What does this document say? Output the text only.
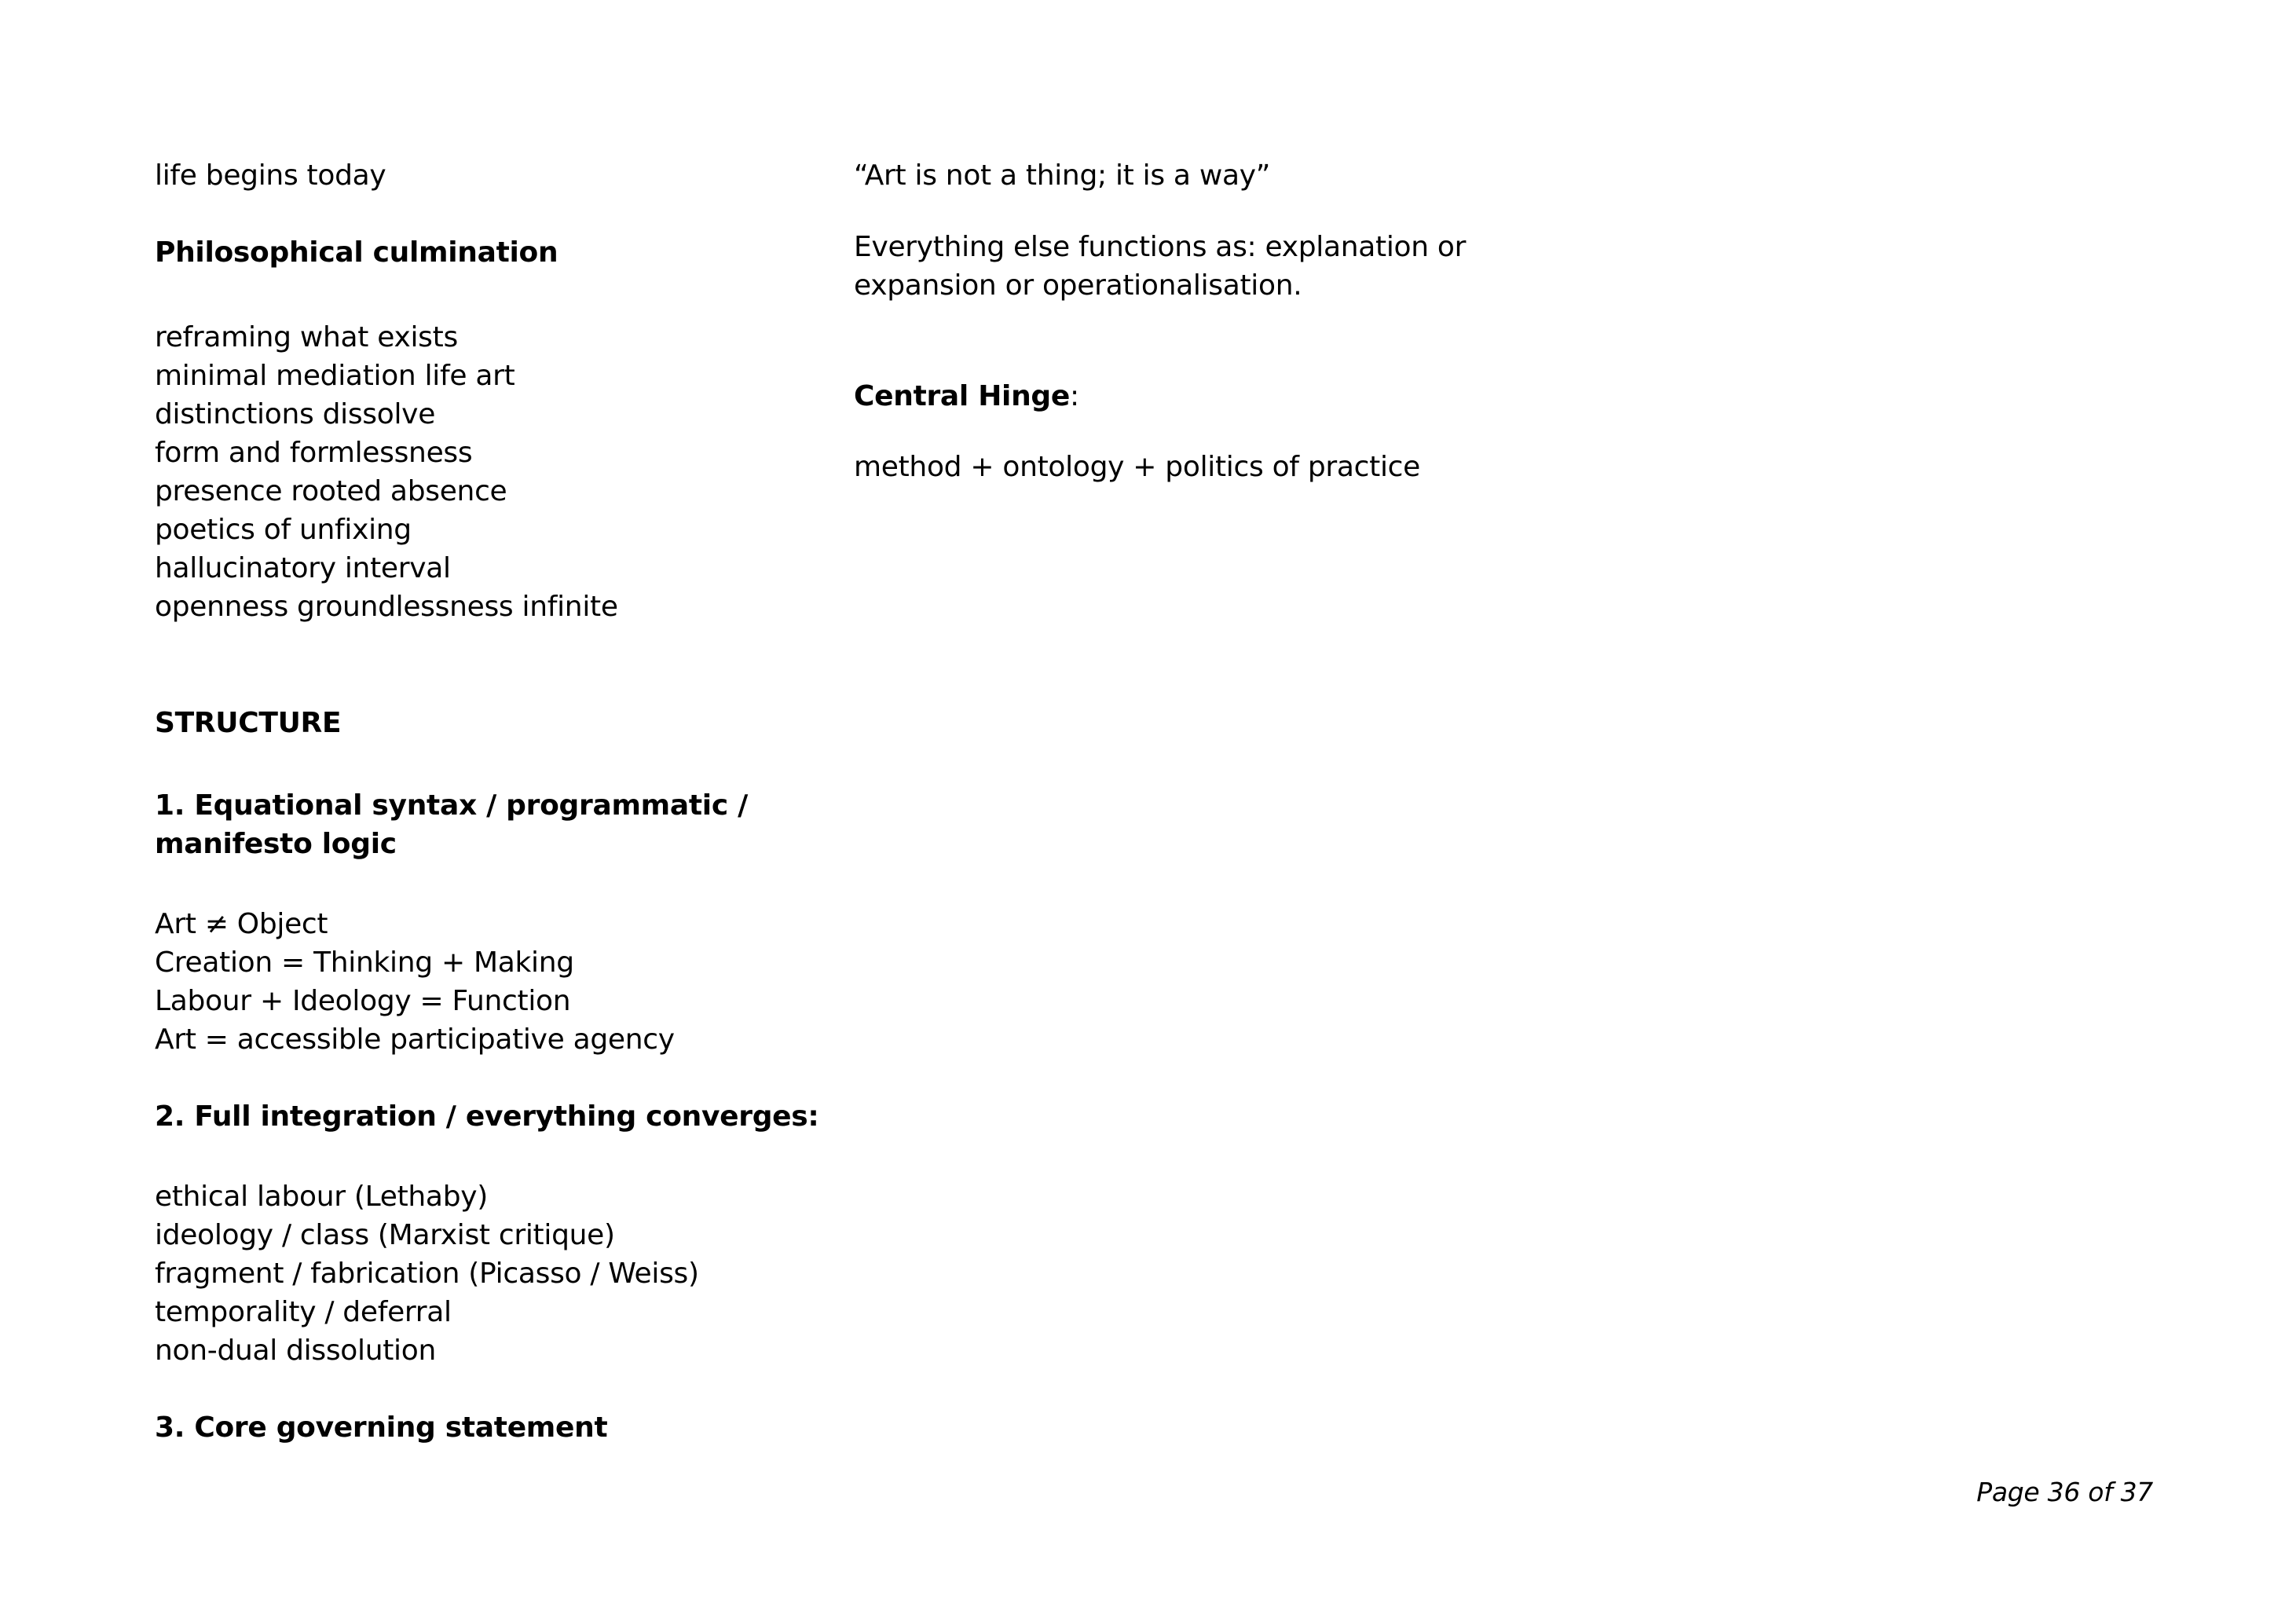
life begins today
Philosophical culmination
reframing what exists
minimal mediation life art
distinctions dissolve
form and formlessness
presence rooted absence
poetics of unfixing
hallucinatory interval
openness groundlessness infinite
STRUCTURE
1. Equational syntax / programmatic /
manifesto logic
Art ≠ Object
Creation = Thinking + Making
Labour + Ideology = Function
Art = accessible participative agency
2. Full integration / everything converges:
ethical labour (Lethaby)
ideology / class (Marxist critique)
fragment / fabrication (Picasso / Weiss)
temporality / deferral
non-dual dissolution
3. Core governing statement
“Art is not a thing; it is a way”
Everything else functions as: explanation or
expansion or operationalisation.
Central Hinge:
method + ontology + politics of practice
Page 36 of 37
